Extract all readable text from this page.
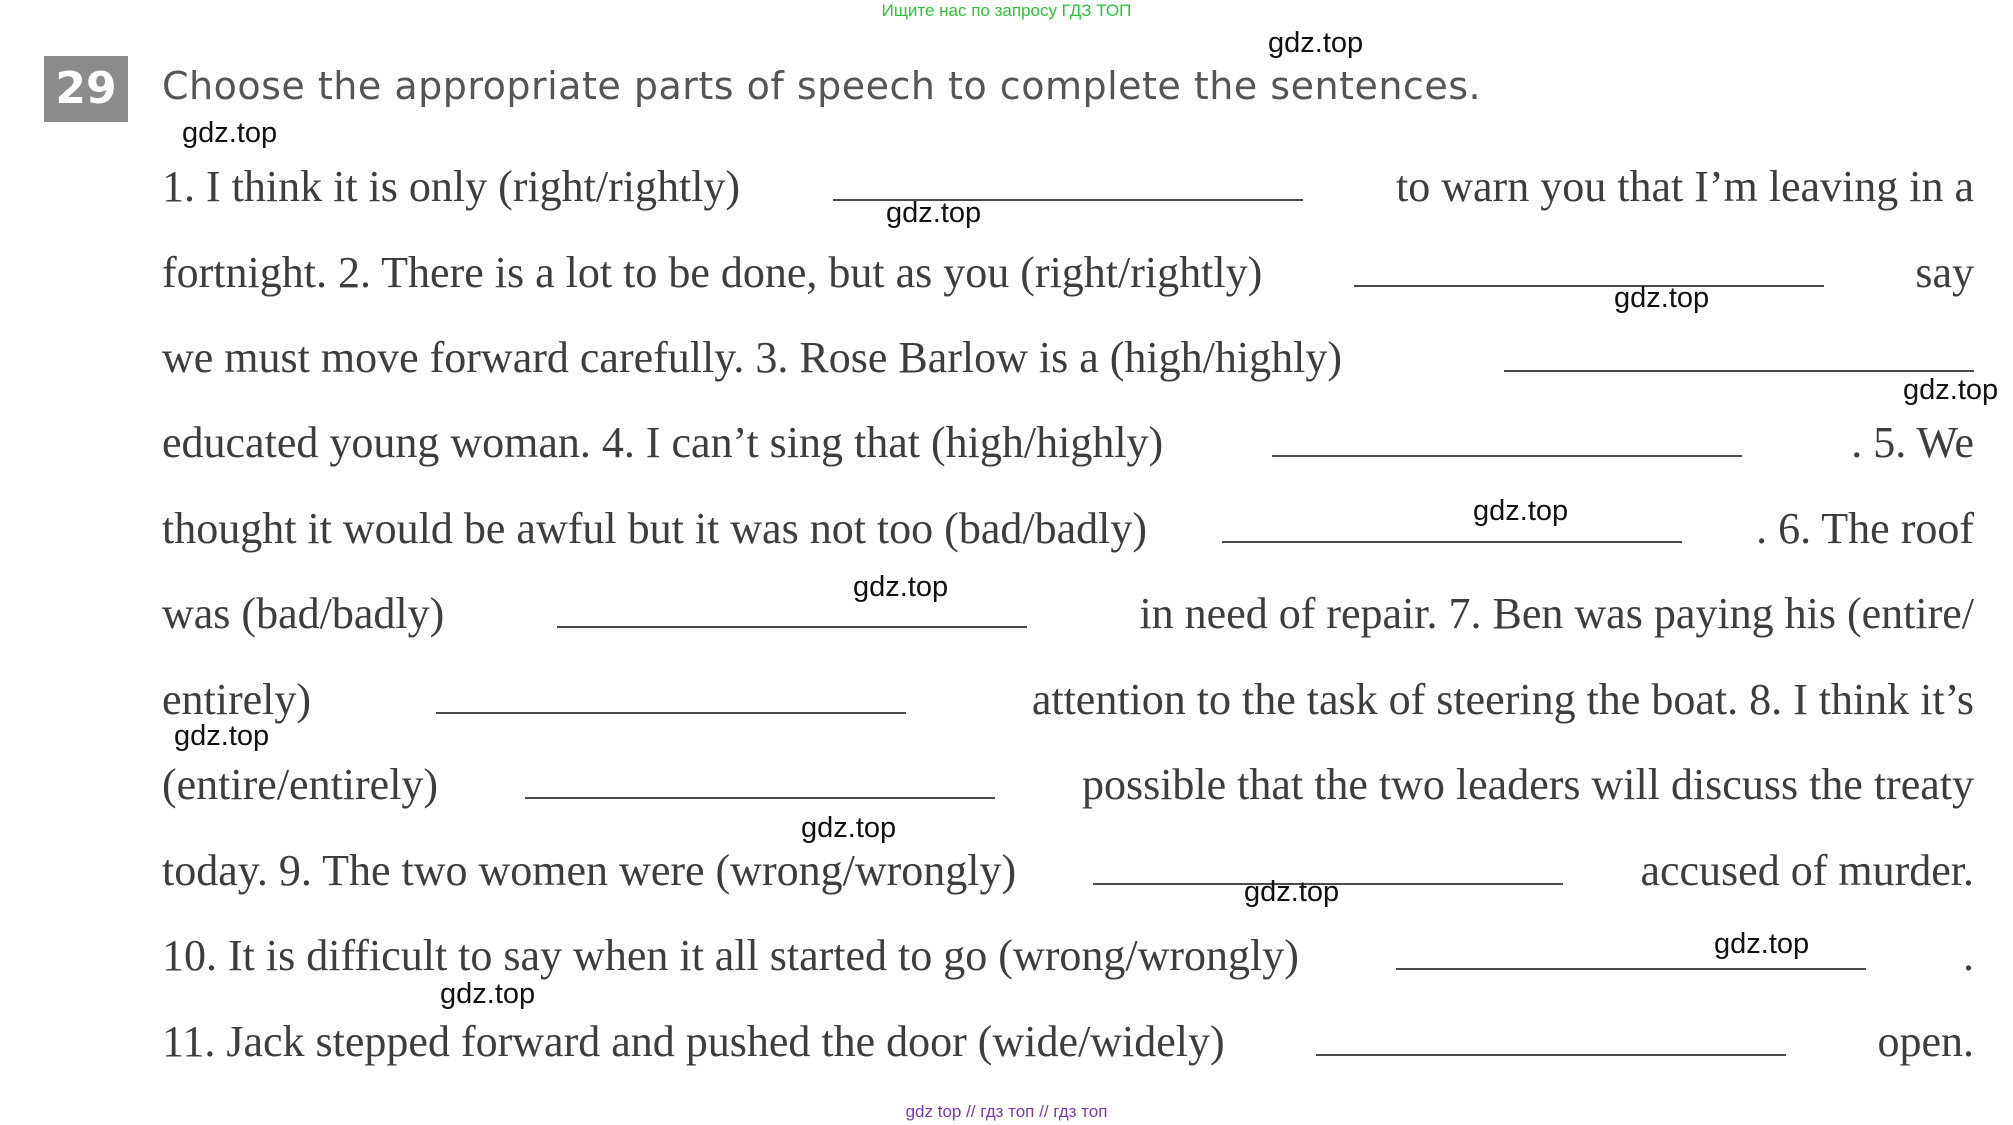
Ищите нас по запросу ГДЗ ТОП
29 Choose the appropriate parts of speech to complete the sentences.
1. I think it is only (right/rightly)	to warn you that I’m leaving in a
fortnight. 2. There is a lot to be done, but as you (right/rightly)	say
we must move forward carefully. 3. Rose Barlow is a (high/highly)
educated young woman. 4. I can’t sing that (high/highly)	. 5. We
thought it would be awful but it was not too (bad/badly)	. 6. The roof
was (bad/badly)	in need of repair. 7. Ben was paying his (entire/
entirely)	attention to the task of steering the boat. 8. I think it’s
(entire/entirely)	possible that the two leaders will discuss the treaty
today. 9. The two women were (wrong/wrongly)	accused of murder.
10. It is difficult to say when it all started to go (wrong/wrongly)	.
11. Jack stepped forward and pushed the door (wide/widely)	open.
gdz.top
gdz.top
gdz.top
gdz.top
gdz.top
gdz.top
gdz.top
gdz.top
gdz.top
gdz.top
gdz.top
gdz.top
gdz top // гдз топ // гдз топ
